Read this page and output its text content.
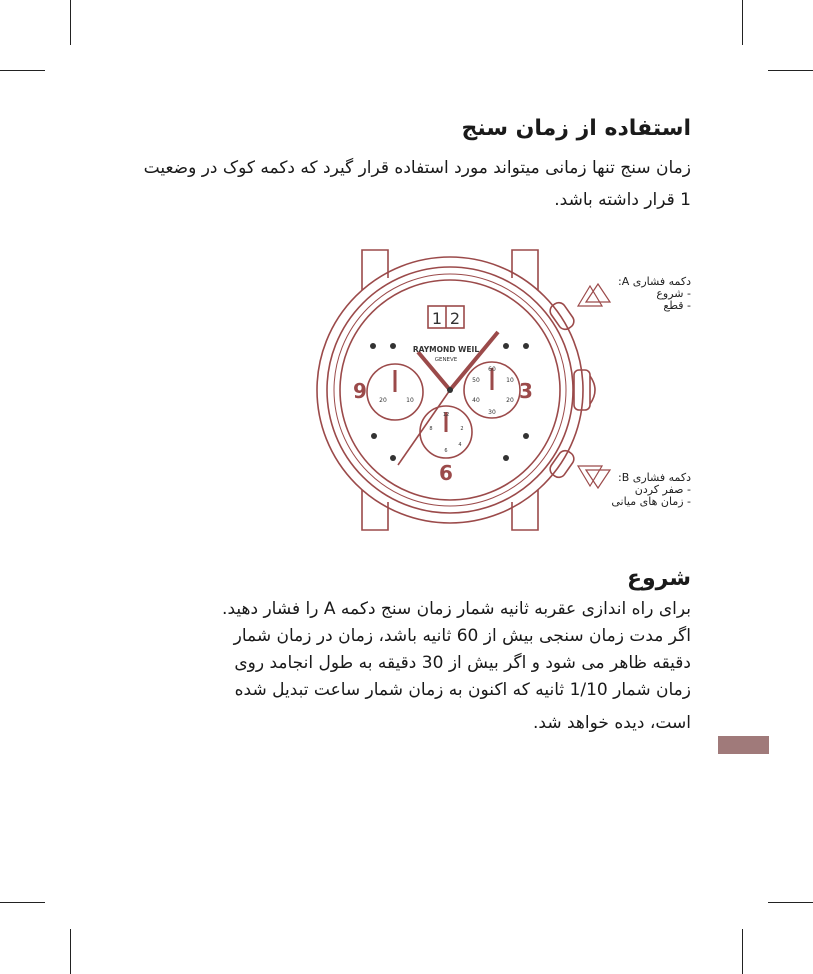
استفاده از زمان سنج
زمان سنج تنها زمانی میتواند مورد استفاده قرار گیرد که دکمه کوک در وضعیت 1 قرار داشته باشد.
1 2
RAYMOND WEIL
GENEVE
9	3
6
20	10
60
50	10
40	20
30
12
2
8
6
4
دکمه فشاری A:
- شروع
- قطع
دکمه فشاری B:
- صفر کردن
- زمان های میانی
شروع
برای راه اندازی عقربه ثانیه شمار زمان سنج دکمه A را فشار دهید.
اگر مدت زمان سنجی بیش از 60 ثانیه باشد، زمان در زمان شمار
دقیقه ظاهر می شود و اگر بیش از 30 دقیقه به طول انجامد روی
زمان شمار 1/10 ثانیه که اکنون به زمان شمار ساعت تبدیل شده
است، دیده خواهد شد.
